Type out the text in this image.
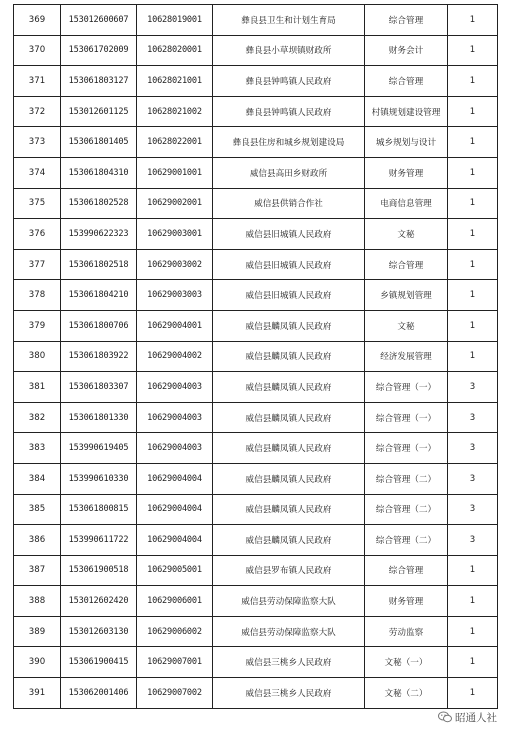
369	153012600607	10628019001	彝良县卫生和计划生育局	综合管理	1
370	153061702009	10628020001	彝良县小草坝镇财政所	财务会计	1
371	153061803127	10628021001	彝良县钟鸣镇人民政府	综合管理	1
372	153012601125	10628021002	彝良县钟鸣镇人民政府	村镇规划建设管理	1
373	153061801405	10628022001	彝良县住房和城乡规划建设局	城乡规划与设计	1
374	153061804310	10629001001	威信县高田乡财政所	财务管理	1
375	153061802528	10629002001	威信县供销合作社	电商信息管理	1
376	153990622323	10629003001	威信县旧城镇人民政府	文秘	1
377	153061802518	10629003002	威信县旧城镇人民政府	综合管理	1
378	153061804210	10629003003	威信县旧城镇人民政府	乡镇规划管理	1
379	153061800706	10629004001	威信县麟凤镇人民政府	文秘	1
380	153061803922	10629004002	威信县麟凤镇人民政府	经济发展管理	1
381	153061803307	10629004003	威信县麟凤镇人民政府	综合管理（一）	3
382	153061801330	10629004003	威信县麟凤镇人民政府	综合管理（一）	3
383	153990619405	10629004003	威信县麟凤镇人民政府	综合管理（一）	3
384	153990610330	10629004004	威信县麟凤镇人民政府	综合管理（二）	3
385	153061800815	10629004004	威信县麟凤镇人民政府	综合管理（二）	3
386	153990611722	10629004004	威信县麟凤镇人民政府	综合管理（二）	3
387	153061900518	10629005001	威信县罗布镇人民政府	综合管理	1
388	153012602420	10629006001	威信县劳动保障监察大队	财务管理	1
389	153012603130	10629006002	威信县劳动保障监察大队	劳动监察	1
390	153061900415	10629007001	威信县三桃乡人民政府	文秘（一）	1
391	153062001406	10629007002	威信县三桃乡人民政府	文秘（二）	1
昭通人社
